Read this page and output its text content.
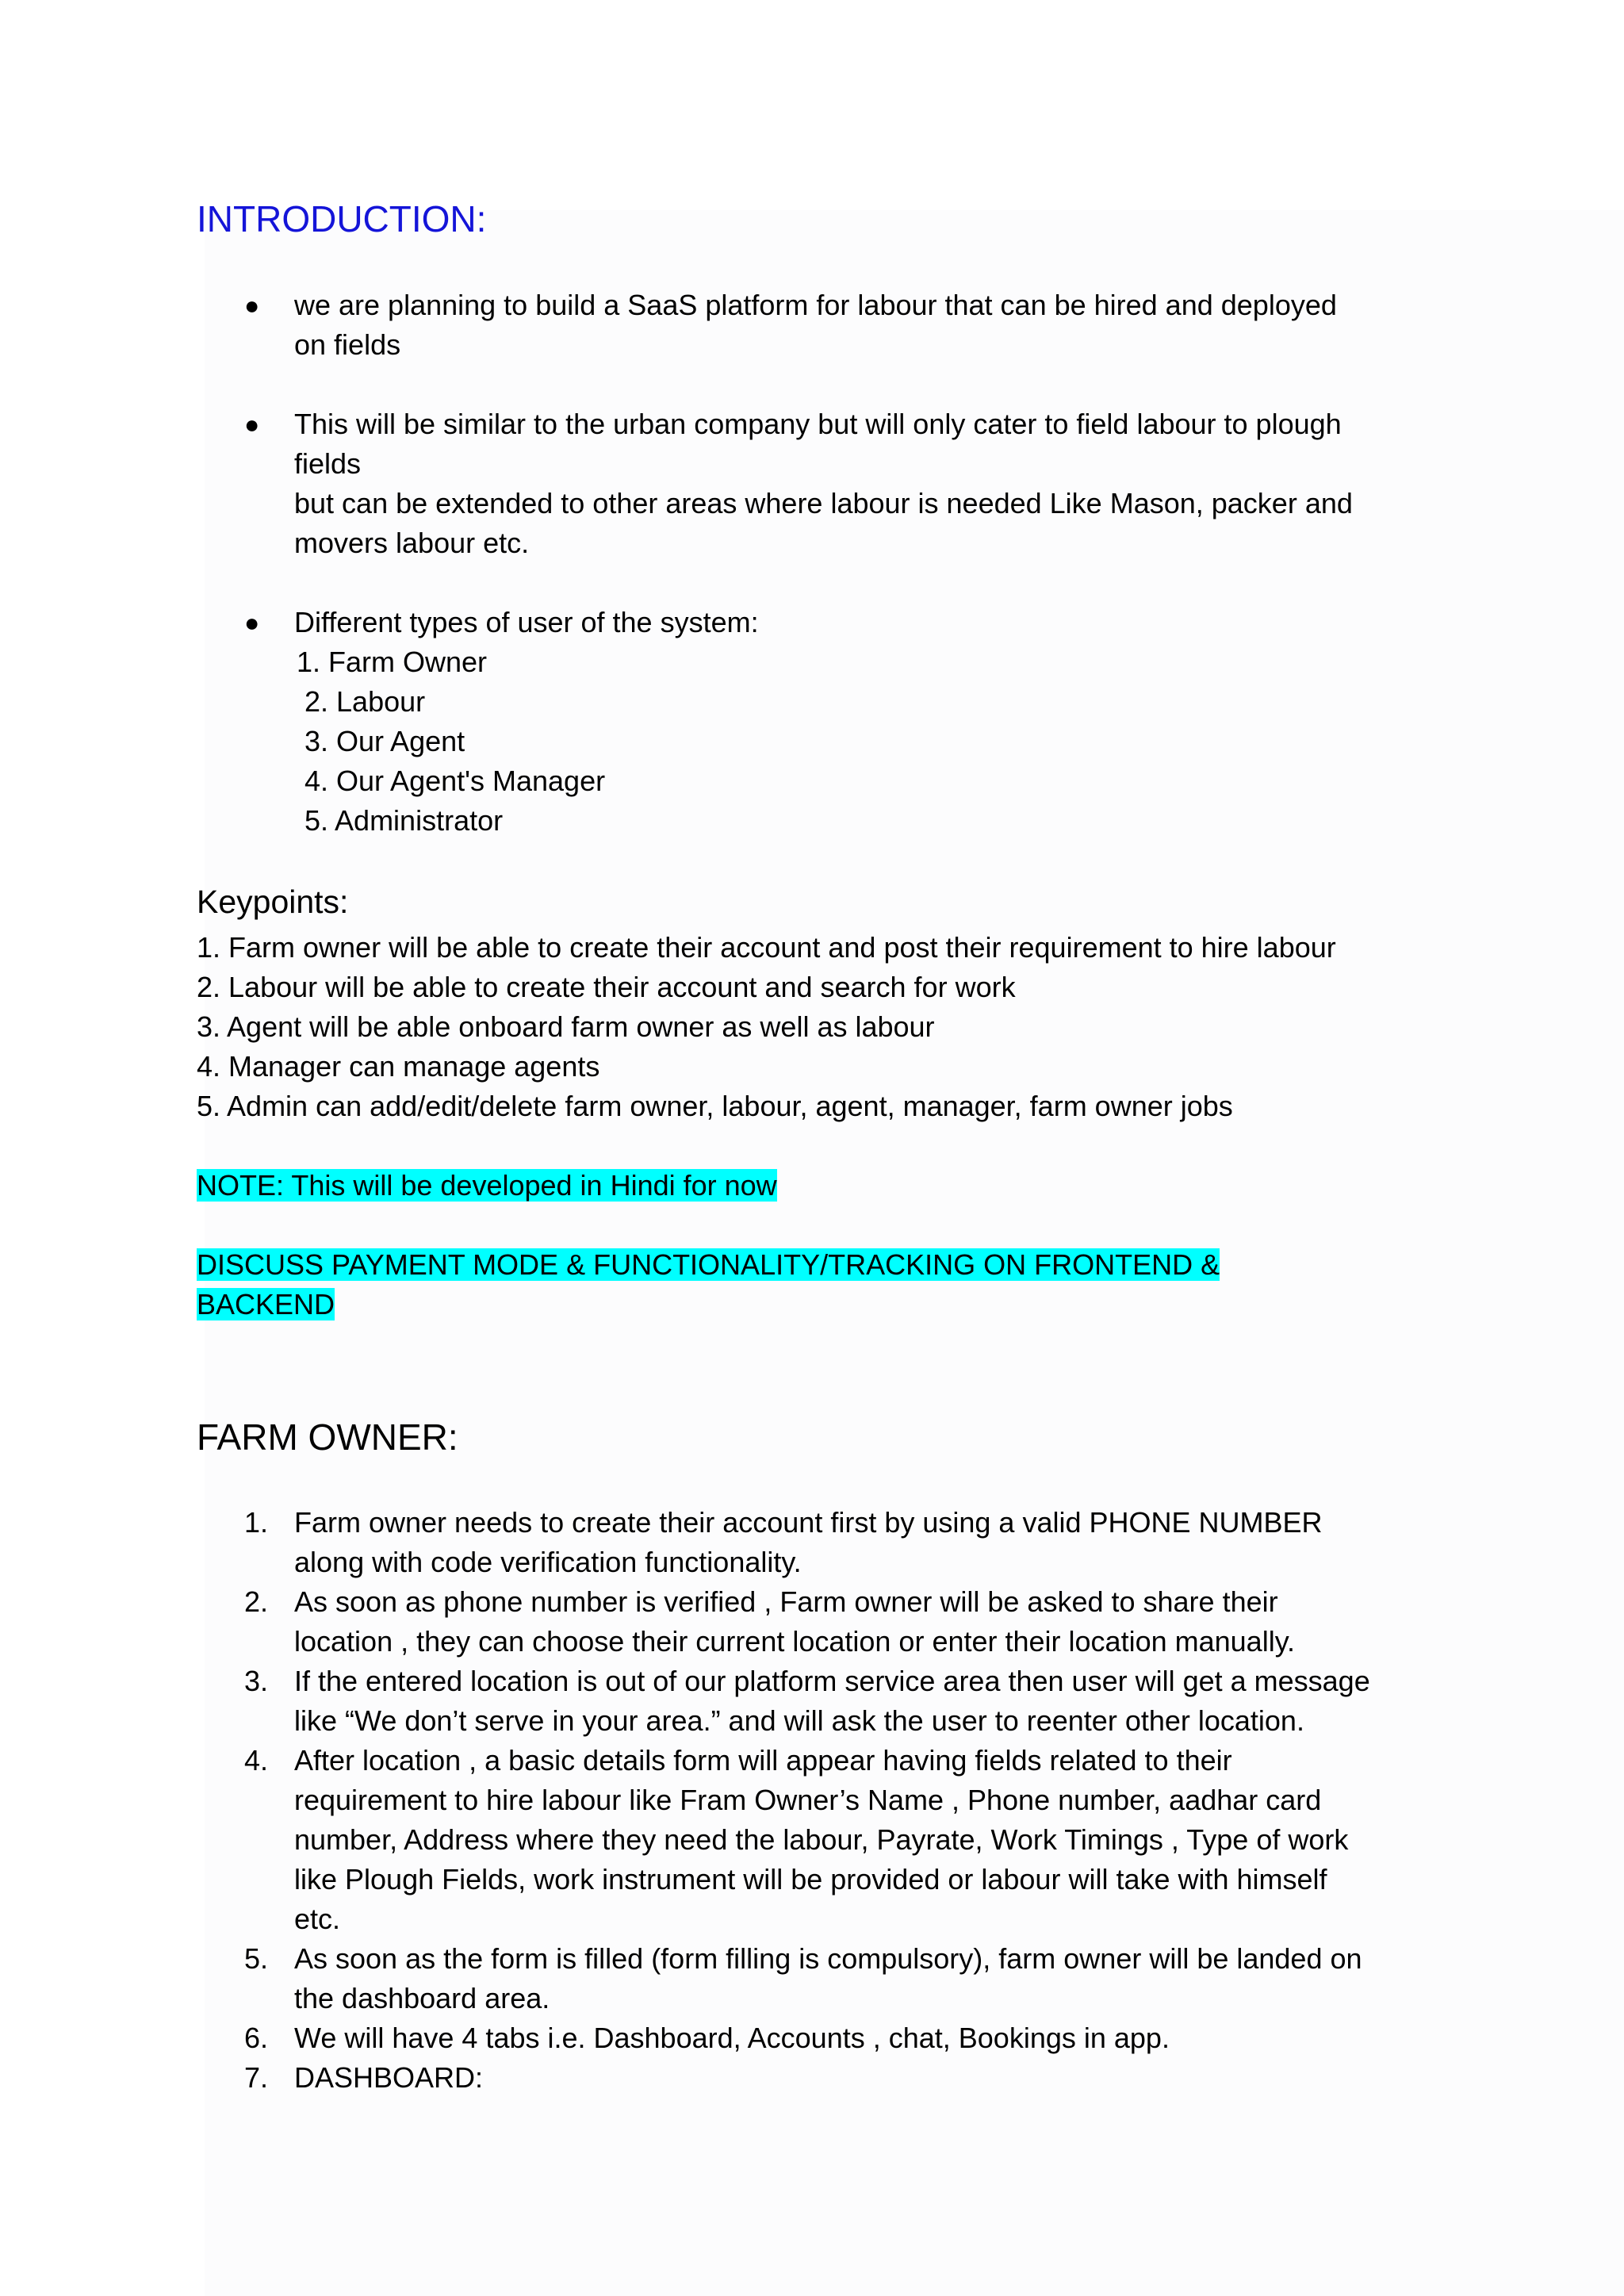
INTRODUCTION:
● we are planning to build a SaaS platform for labour that can be hired and deployed
on fields
● This will be similar to the urban company but will only cater to field labour to plough
fields
but can be extended to other areas where labour is needed Like Mason, packer and
movers labour etc.
● Different types of user of the system:
1. Farm Owner
2. Labour
3. Our Agent
4. Our Agent's Manager
5. Administrator
Keypoints:
1. Farm owner will be able to create their account and post their requirement to hire labour
2. Labour will be able to create their account and search for work
3. Agent will be able onboard farm owner as well as labour
4. Manager can manage agents
5. Admin can add/edit/delete farm owner, labour, agent, manager, farm owner jobs
NOTE: This will be developed in Hindi for now
DISCUSS PAYMENT MODE & FUNCTIONALITY/TRACKING ON FRONTEND &
BACKEND
FARM OWNER:
1. Farm owner needs to create their account first by using a valid PHONE NUMBER
along with code verification functionality.
2. As soon as phone number is verified , Farm owner will be asked to share their
location , they can choose their current location or enter their location manually.
3. If the entered location is out of our platform service area then user will get a message
like “We don’t serve in your area.” and will ask the user to reenter other location.
4. After location , a basic details form will appear having fields related to their
requirement to hire labour like Fram Owner’s Name , Phone number, aadhar card
number, Address where they need the labour, Payrate, Work Timings , Type of work
like Plough Fields, work instrument will be provided or labour will take with himself
etc.
5. As soon as the form is filled (form filling is compulsory), farm owner will be landed on
the dashboard area.
6. We will have 4 tabs i.e. Dashboard, Accounts , chat, Bookings in app.
7. DASHBOARD:
